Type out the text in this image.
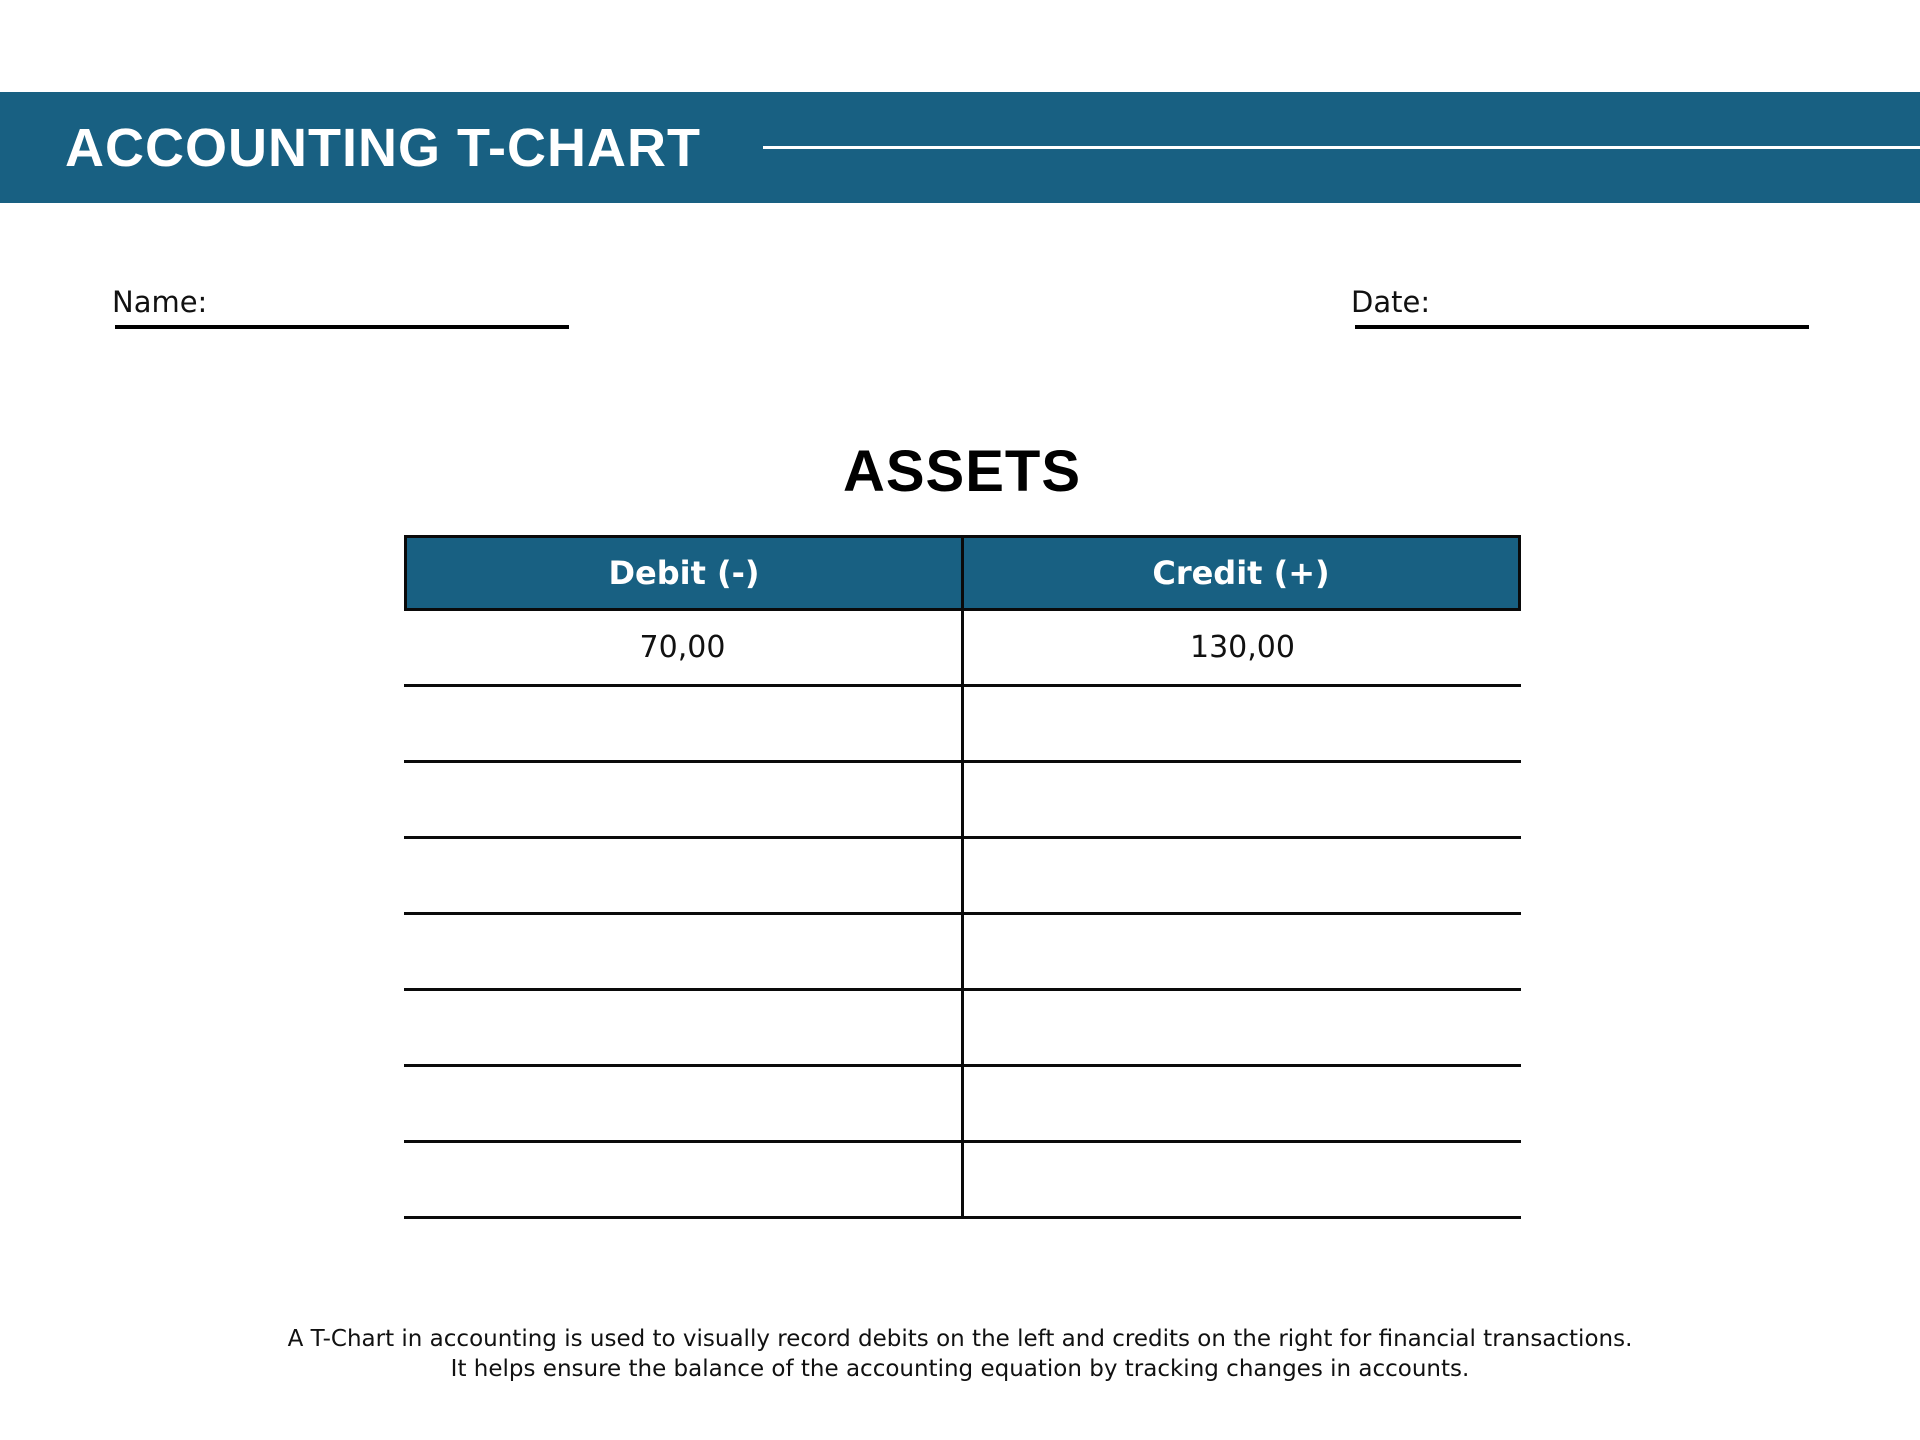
ACCOUNTING T-CHART
Name:	Date:
ASSETS
Debit (-)	Credit (+)
70,00	130,00
A T-Chart in accounting is used to visually record debits on the left and credits on the right for financial transactions.
It helps ensure the balance of the accounting equation by tracking changes in accounts.
